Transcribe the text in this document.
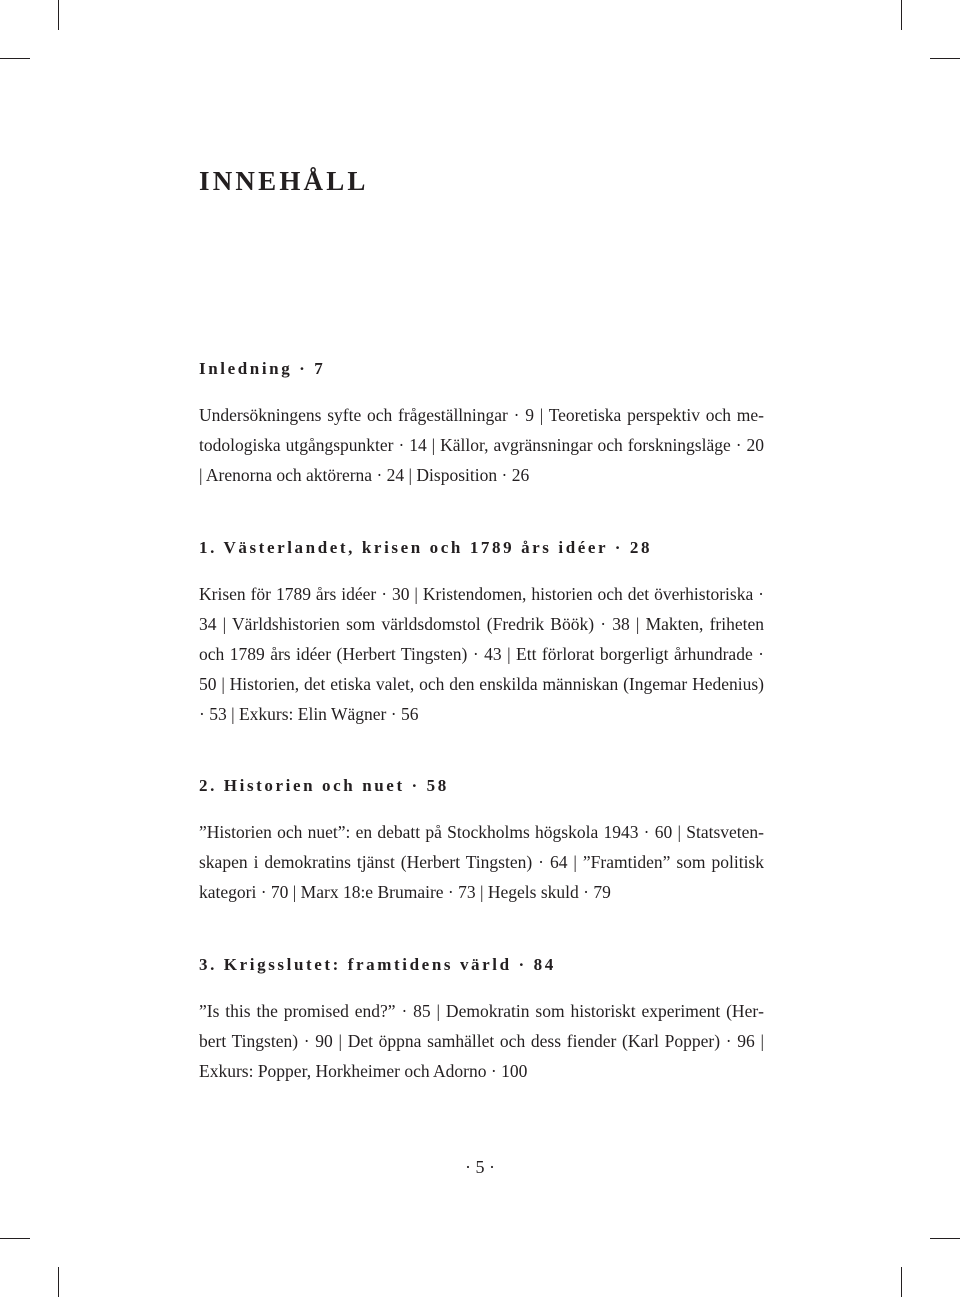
INNEHÅLL
Inledning · 7

Undersökningens syfte och frågeställningar · 9 | Teoretiska perspektiv och metodologiska utgångspunkter · 14 | Källor, avgränsningar och forskningsläge · 20 | Arenorna och aktörerna · 24 | Disposition · 26

1. Västerlandet, krisen och 1789 års idéer · 28

Krisen för 1789 års idéer · 30 | Kristendomen, historien och det överhistoriska · 34 | Världshistorien som världsdomstol (Fredrik Böök) · 38 | Makten, friheten och 1789 års idéer (Herbert Tingsten) · 43 | Ett förlorat borgerligt århundrade · 50 | Historien, det etiska valet, och den enskilda människan (Ingemar Hedenius) · 53 | Exkurs: Elin Wägner · 56

2. Historien och nuet · 58

”Historien och nuet”: en debatt på Stockholms högskola 1943 · 60 | Statsvetenskapen i demokratins tjänst (Herbert Tingsten) · 64 | ”Framtiden” som politisk kategori · 70 | Marx 18:e Brumaire · 73 | Hegels skuld · 79

3. Krigsslutet: framtidens värld · 84

”Is this the promised end?” · 85 | Demokratin som historiskt experiment (Herbert Tingsten) · 90 | Det öppna samhället och dess fiender (Karl Popper) · 96 | Exkurs: Popper, Horkheimer och Adorno · 100

· 5 ·
